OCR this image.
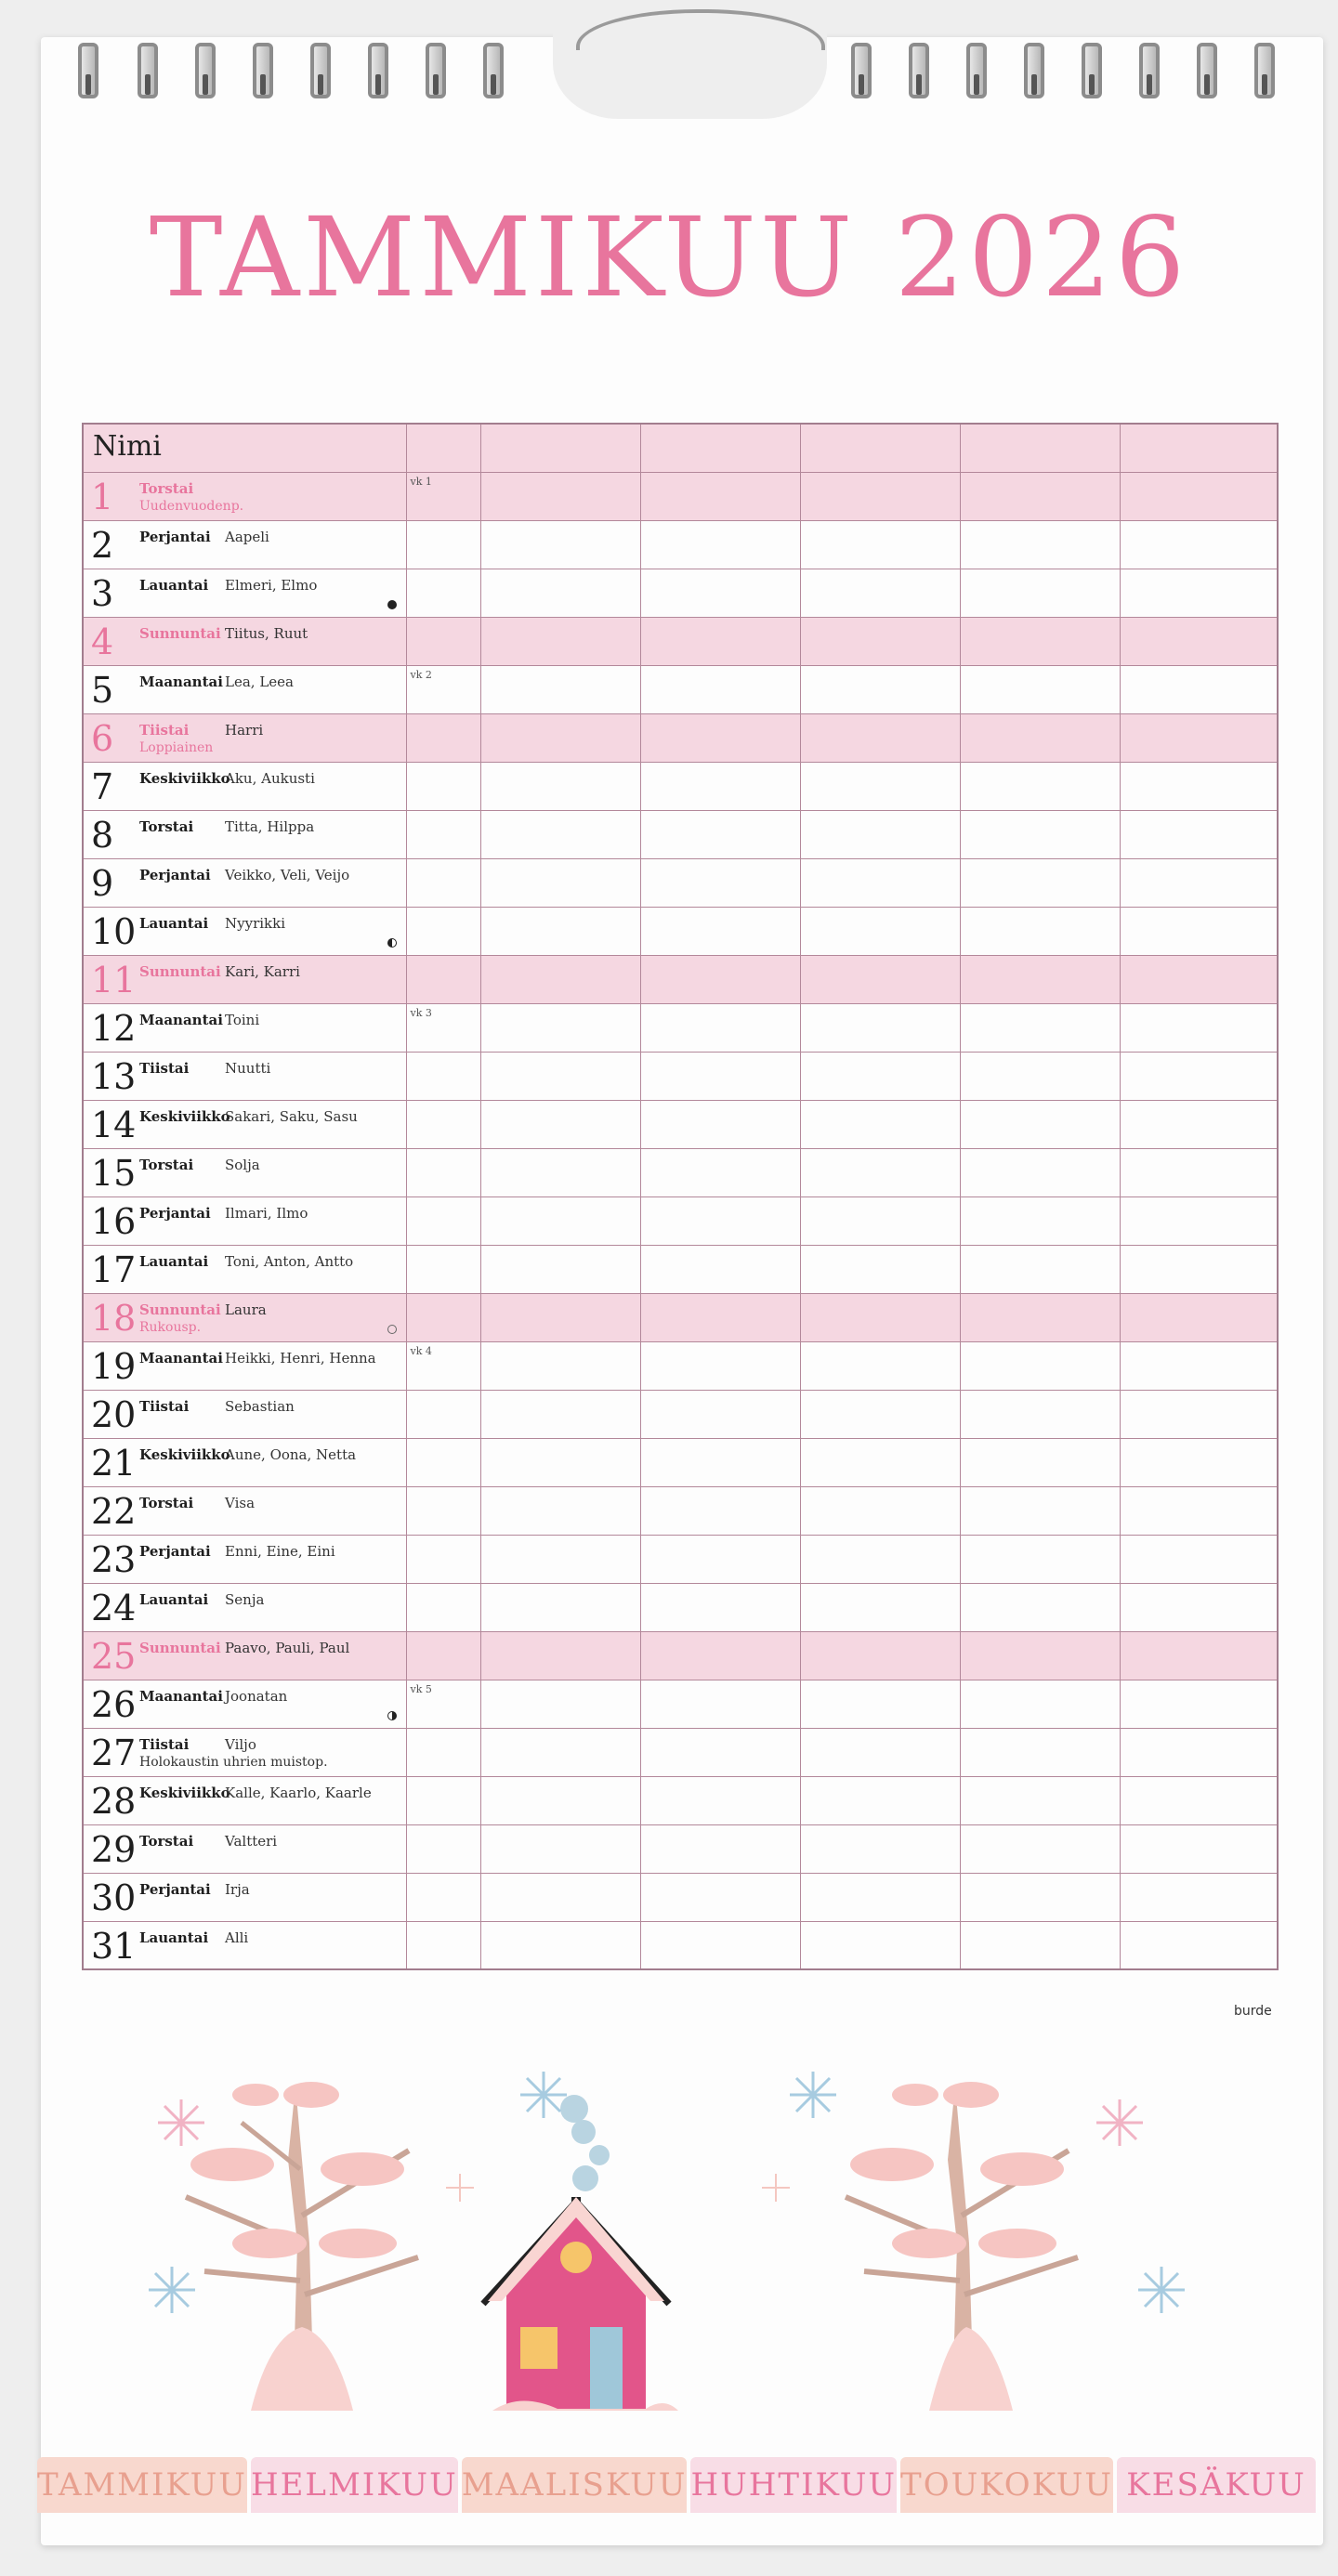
TAMMIKUU 2026
Nimi						

1 Torstai
Uudenvuodenp.	vk 1					

2 Perjantai Aapeli						

3 Lauantai Elmeri, Elmo						

4 Sunnuntai Tiitus, Ruut						

5 Maanantai Lea, Leea	vk 2					

6 Tiistai Harri
Loppiainen						

7 Keskiviikko
Aku, Aukusti						

8 Torstai Titta, Hilppa						

9 Perjantai Veikko, Veli, Veijo						

10 Lauantai Nyyrikki						

11 Sunnuntai Kari, Karri						

12 Maanantai Toini	vk 3					

13 Tiistai Nuutti						

14 Keskiviikko
Sakari, Saku, Sasu						

15 Torstai Solja						

16 Perjantai Ilmari, Ilmo						

17 Lauantai Toni, Anton, Antto						

18 Sunnuntai Laura
Rukousp.						

19 Maanantai Heikki, Henri, Henna	vk 4					

20 Tiistai Sebastian						

21 Keskiviikko
Aune, Oona, Netta						

22 Torstai Visa						

23 Perjantai Enni, Eine, Eini						

24 Lauantai Senja						

25 Sunnuntai Paavo, Pauli, Paul						

26 Maanantai Joonatan	vk 5					

27 Tiistai Viljo
Holokaustin uhrien muistop.						

28 Keskiviikko
Kalle, Kaarlo, Kaarle						

29 Torstai Valtteri						

30 Perjantai Irja						

31 Lauantai Alli						

burde
TAMMIKUU HELMIKUU MAALISKUU HUHTIKUU TOUKOKUU KESÄKUU
